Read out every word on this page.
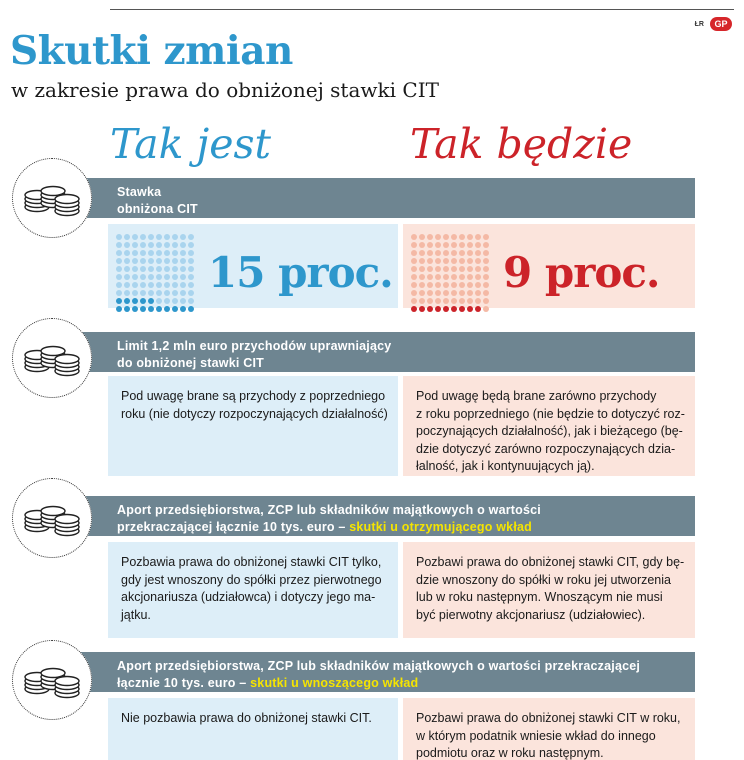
ŁR	GP
Skutki zmian
w zakresie prawa do obniżonej stawki CIT
Tak jest	Tak będzie
Stawka
obniżona CIT
15 proc.	9 proc.
Limit 1,2 mln euro przychodów uprawniający
do obniżonej stawki CIT

Pod uwagę brane są przychody z poprzedniego
roku (nie dotyczy rozpoczynających działalność)

Pod uwagę będą brane zarówno przychody
z roku poprzedniego (nie będzie to dotyczyć roz-
poczynających działalność), jak i bieżącego (bę-
dzie dotyczyć zarówno rozpoczynających dzia-
łalność, jak i kontynuujących ją).

Aport przedsiębiorstwa, ZCP lub składników majątkowych o wartości
przekraczającej łącznie 10 tys. euro – skutki u otrzymującego wkład

Pozbawia prawa do obniżonej stawki CIT tylko,
gdy jest wnoszony do spółki przez pierwotnego
akcjonariusza (udziałowca) i dotyczy jego ma-
jątku.

Pozbawi prawa do obniżonej stawki CIT, gdy bę-
dzie wnoszony do spółki w roku jej utworzenia
lub w roku następnym. Wnoszącym nie musi
być pierwotny akcjonariusz (udziałowiec).

Aport przedsiębiorstwa, ZCP lub składników majątkowych o wartości przekraczającej
łącznie 10 tys. euro – skutki u wnoszącego wkład

Nie pozbawia prawa do obniżonej stawki CIT.	Pozbawi prawa do obniżonej stawki CIT w roku,
w którym podatnik wniesie wkład do innego
podmiotu oraz w roku następnym.
